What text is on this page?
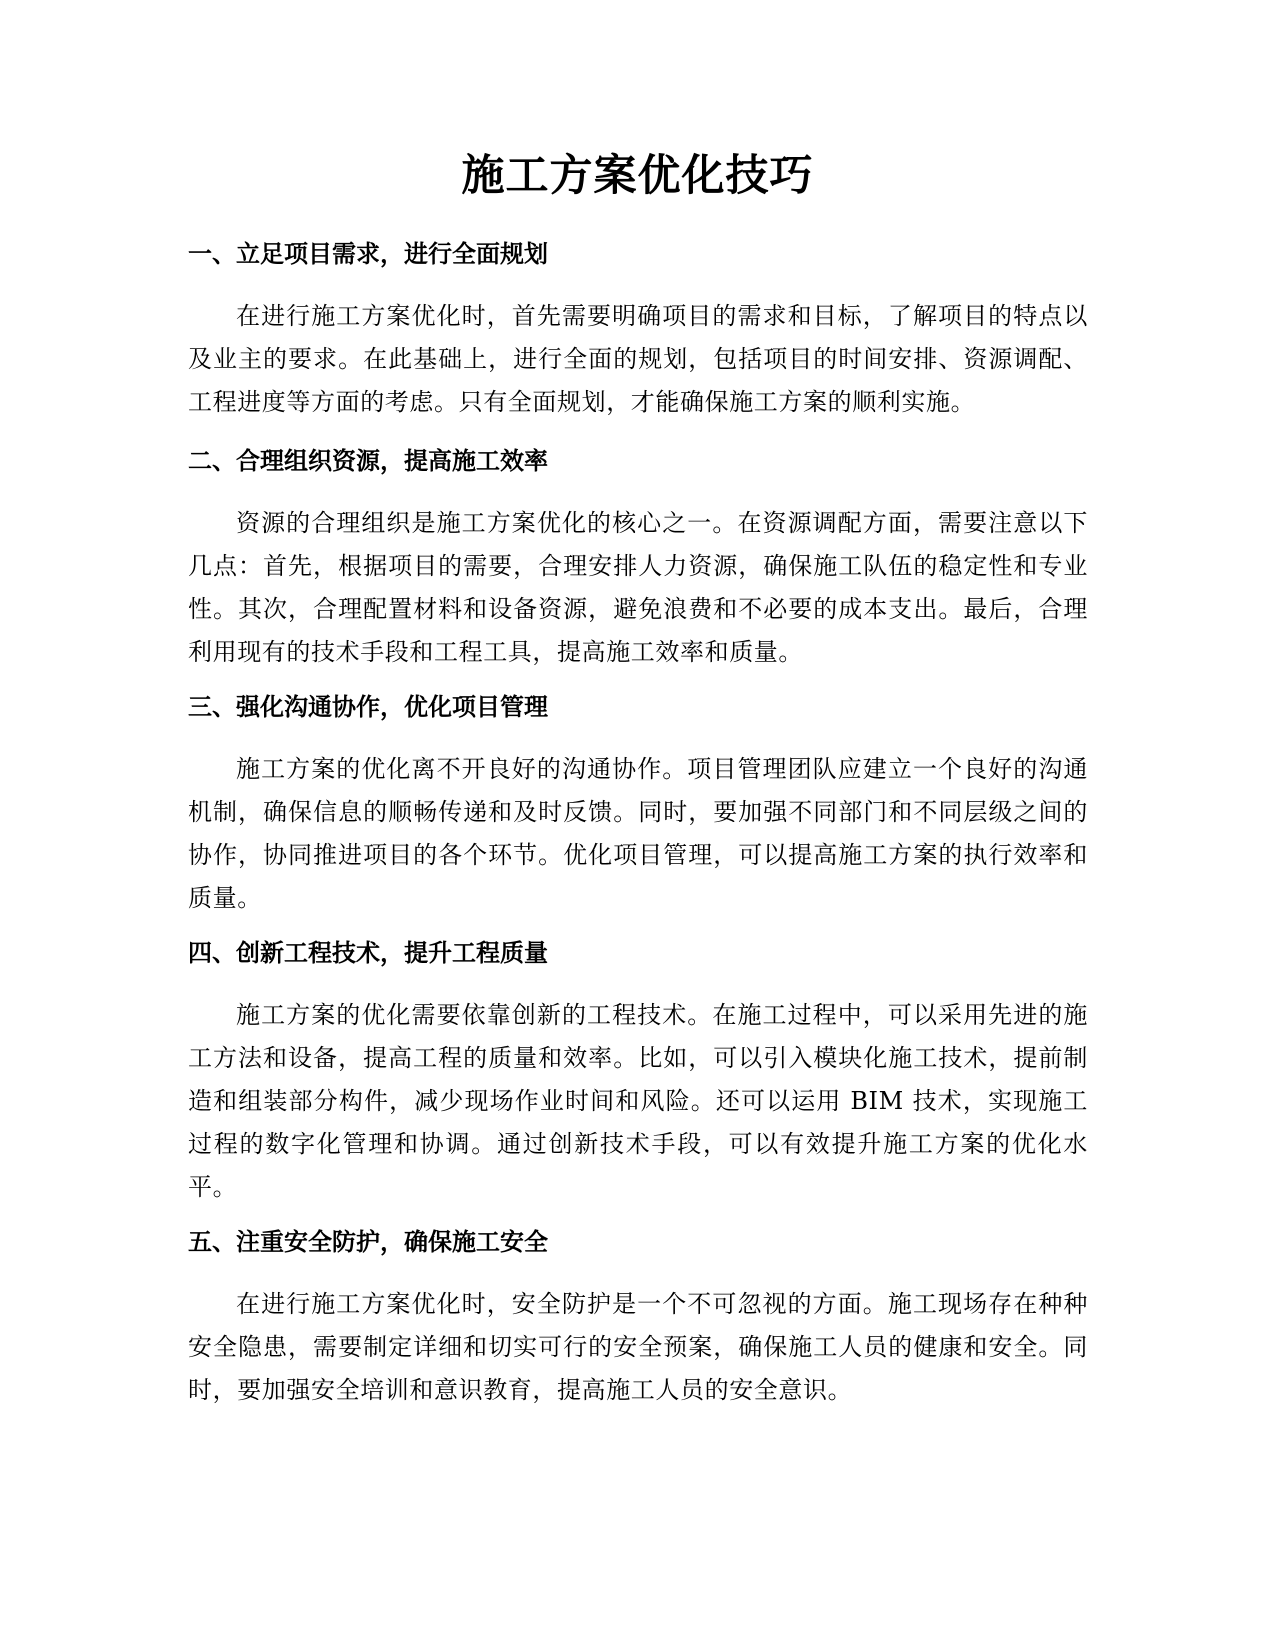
施工方案优化技巧
一、立足项目需求，进行全面规划

在进行施工方案优化时，首先需要明确项目的需求和目标，了解项目的特点以及业主的要求。在此基础上，进行全面的规划，包括项目的时间安排、资源调配、工程进度等方面的考虑。只有全面规划，才能确保施工方案的顺利实施。

二、合理组织资源，提高施工效率

资源的合理组织是施工方案优化的核心之一。在资源调配方面，需要注意以下几点：首先，根据项目的需要，合理安排人力资源，确保施工队伍的稳定性和专业性。其次，合理配置材料和设备资源，避免浪费和不必要的成本支出。最后，合理利用现有的技术手段和工程工具，提高施工效率和质量。

三、强化沟通协作，优化项目管理

施工方案的优化离不开良好的沟通协作。项目管理团队应建立一个良好的沟通机制，确保信息的顺畅传递和及时反馈。同时，要加强不同部门和不同层级之间的协作，协同推进项目的各个环节。优化项目管理，可以提高施工方案的执行效率和质量。

四、创新工程技术，提升工程质量

施工方案的优化需要依靠创新的工程技术。在施工过程中，可以采用先进的施工方法和设备，提高工程的质量和效率。比如，可以引入模块化施工技术，提前制造和组装部分构件，减少现场作业时间和风险。还可以运用 BIM 技术，实现施工过程的数字化管理和协调。通过创新技术手段，可以有效提升施工方案的优化水平。

五、注重安全防护，确保施工安全

在进行施工方案优化时，安全防护是一个不可忽视的方面。施工现场存在种种安全隐患，需要制定详细和切实可行的安全预案，确保施工人员的健康和安全。同时，要加强安全培训和意识教育，提高施工人员的安全意识。
